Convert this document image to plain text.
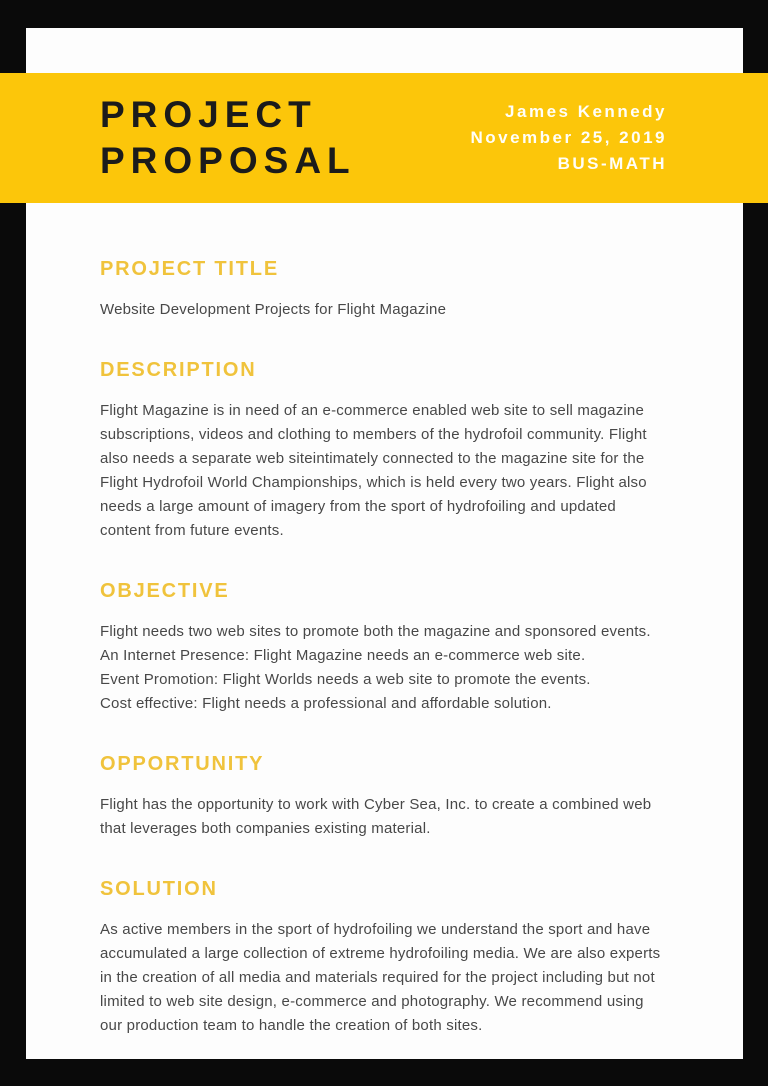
PROJECT TITLE

Website Development Projects for Flight Magazine

DESCRIPTION

Flight Magazine is in need of an e-commerce enabled web site to sell magazine subscriptions, videos and clothing to members of the hydrofoil community. Flight also needs a separate web siteintimately connected to the magazine site for the Flight Hydrofoil World Championships, which is held every two years. Flight also needs a large amount of imagery from the sport of hydrofoiling and updated content from future events.

OBJECTIVE

Flight needs two web sites to promote both the magazine and sponsored events.

An Internet Presence: Flight Magazine needs an e-commerce web site.

Event Promotion: Flight Worlds needs a web site to promote the events.

Cost effective: Flight needs a professional and affordable solution.

OPPORTUNITY

Flight has the opportunity to work with Cyber Sea, Inc. to create a combined web that leverages both companies existing material.

SOLUTION

As active members in the sport of hydrofoiling we understand the sport and have accumulated a large collection of extreme hydrofoiling media. We are also experts in the creation of all media and materials required for the project including but not limited to web site design, e-commerce and photography. We recommend using our production team to handle the creation of both sites.

PROJECT
PROPOSAL
James Kennedy
November 25, 2019
BUS-MATH
